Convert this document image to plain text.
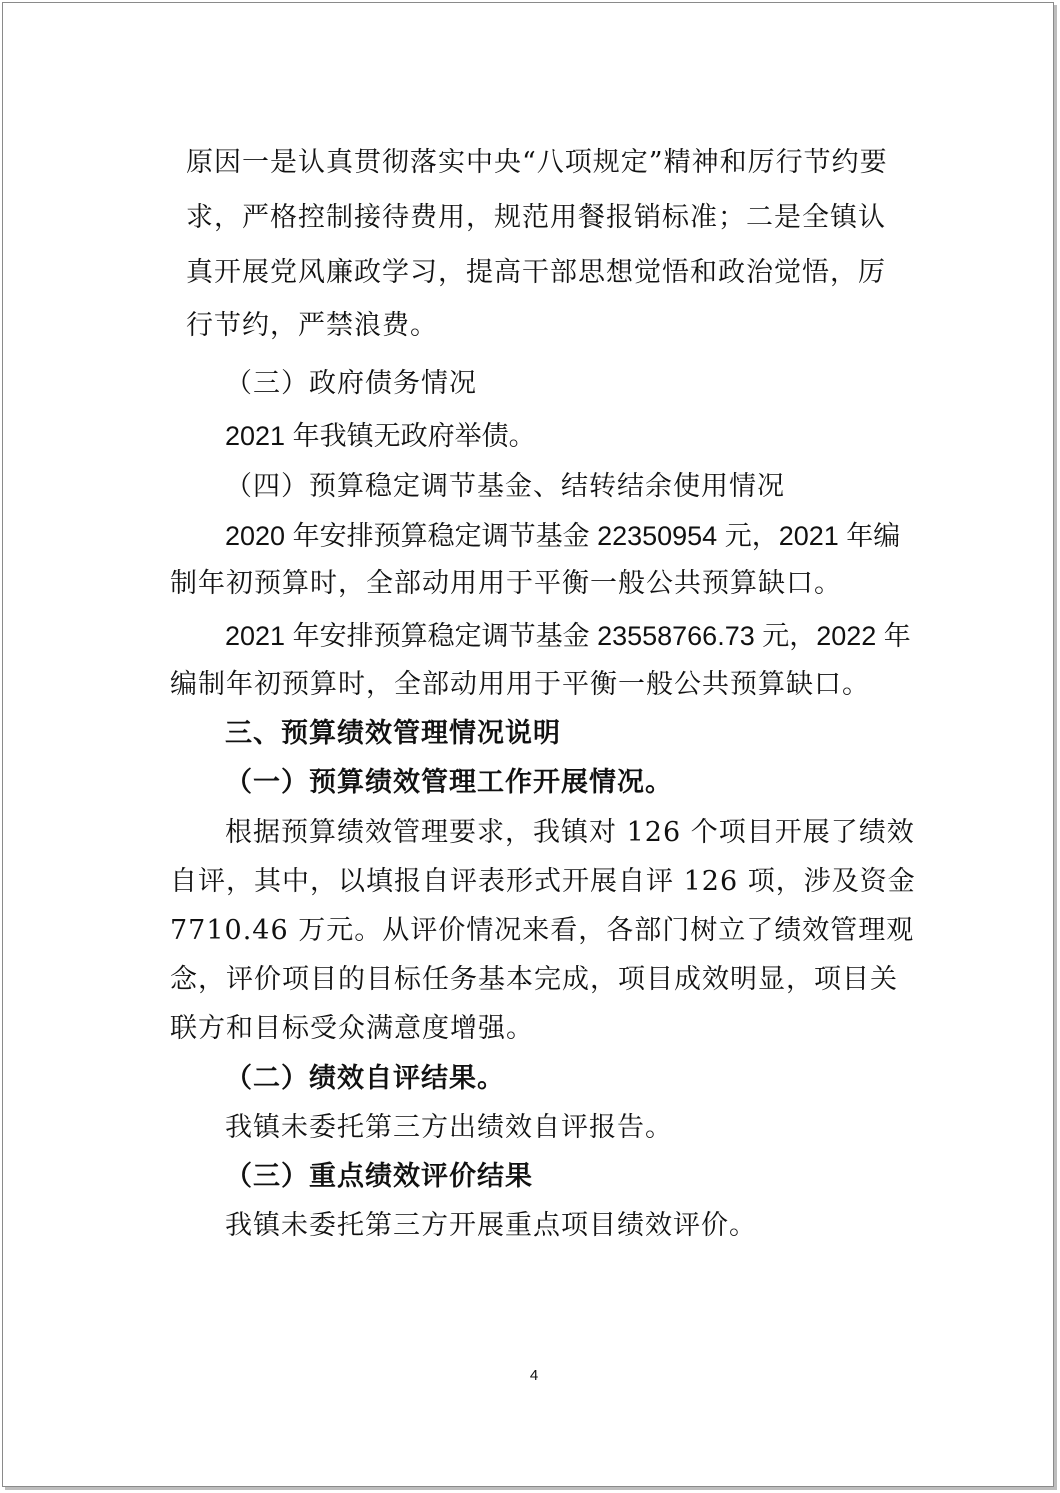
原因一是认真贯彻落实中央“八项规定”精神和厉行节约要
求，严格控制接待费用，规范用餐报销标准；二是全镇认
真开展党风廉政学习，提高干部思想觉悟和政治觉悟，厉
行节约，严禁浪费。
（三）政府债务情况
2021 年我镇无政府举债。
（四）预算稳定调节基金、结转结余使用情况
2020 年安排预算稳定调节基金 22350954 元，2021 年编
制年初预算时，全部动用用于平衡一般公共预算缺口。
2021 年安排预算稳定调节基金 23558766.73 元，2022 年
编制年初预算时，全部动用用于平衡一般公共预算缺口。
三、预算绩效管理情况说明
（一）预算绩效管理工作开展情况。
根据预算绩效管理要求，我镇对 126 个项目开展了绩效
自评，其中，以填报自评表形式开展自评 126 项，涉及资金
7710.46 万元。从评价情况来看，各部门树立了绩效管理观
念，评价项目的目标任务基本完成，项目成效明显，项目关
联方和目标受众满意度增强。
（二）绩效自评结果。
我镇未委托第三方出绩效自评报告。
（三）重点绩效评价结果
我镇未委托第三方开展重点项目绩效评价。
4
